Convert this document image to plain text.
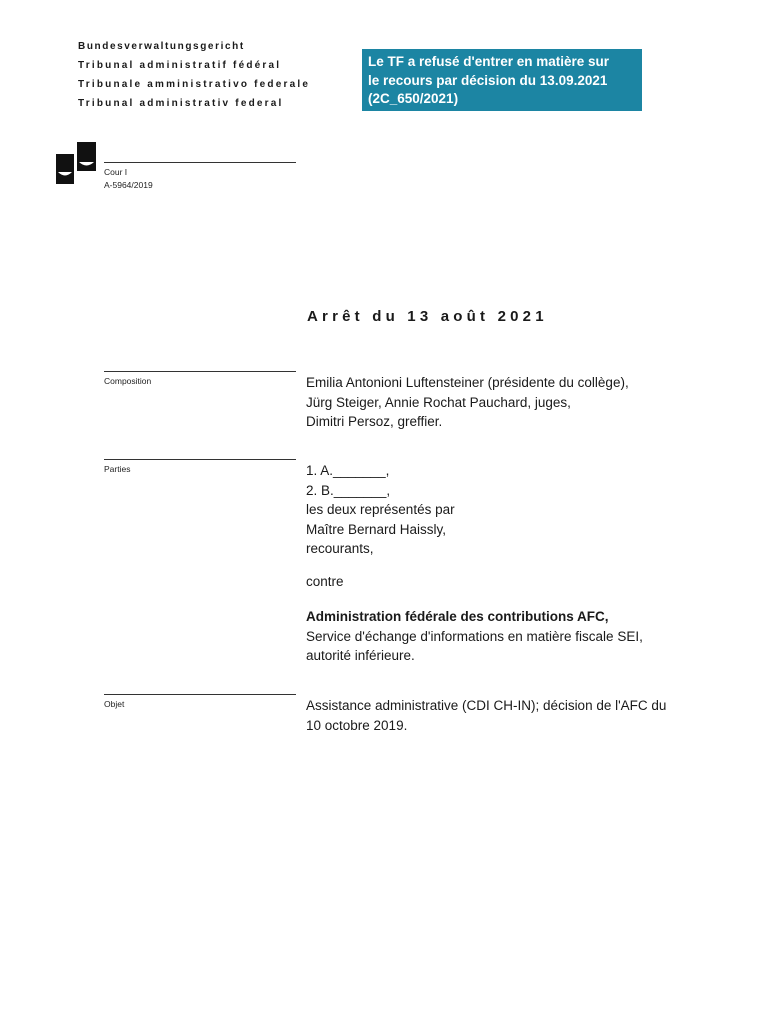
Bundesverwaltungsgericht
Tribunal administratif fédéral
Tribunale amministrativo federale
Tribunal administrativ federal
Le TF a refusé d'entrer en matière sur
le recours par décision du 13.09.2021
(2C_650/2021)
Cour I
A-5964/2019
Arrêt du 13 août 2021
Composition	Emilia Antonioni Luftensteiner (présidente du collège),
Jürg Steiger, Annie Rochat Pauchard, juges,
Dimitri Persoz, greffier.
Parties	1. A._______,
2. B._______,
les deux représentés par
Maître Bernard Haissly,
recourants,
contre
Administration fédérale des contributions AFC,
Service d'échange d'informations en matière fiscale SEI,
autorité inférieure.
Objet	Assistance administrative (CDI CH-IN); décision de l'AFC du
10 octobre 2019.
